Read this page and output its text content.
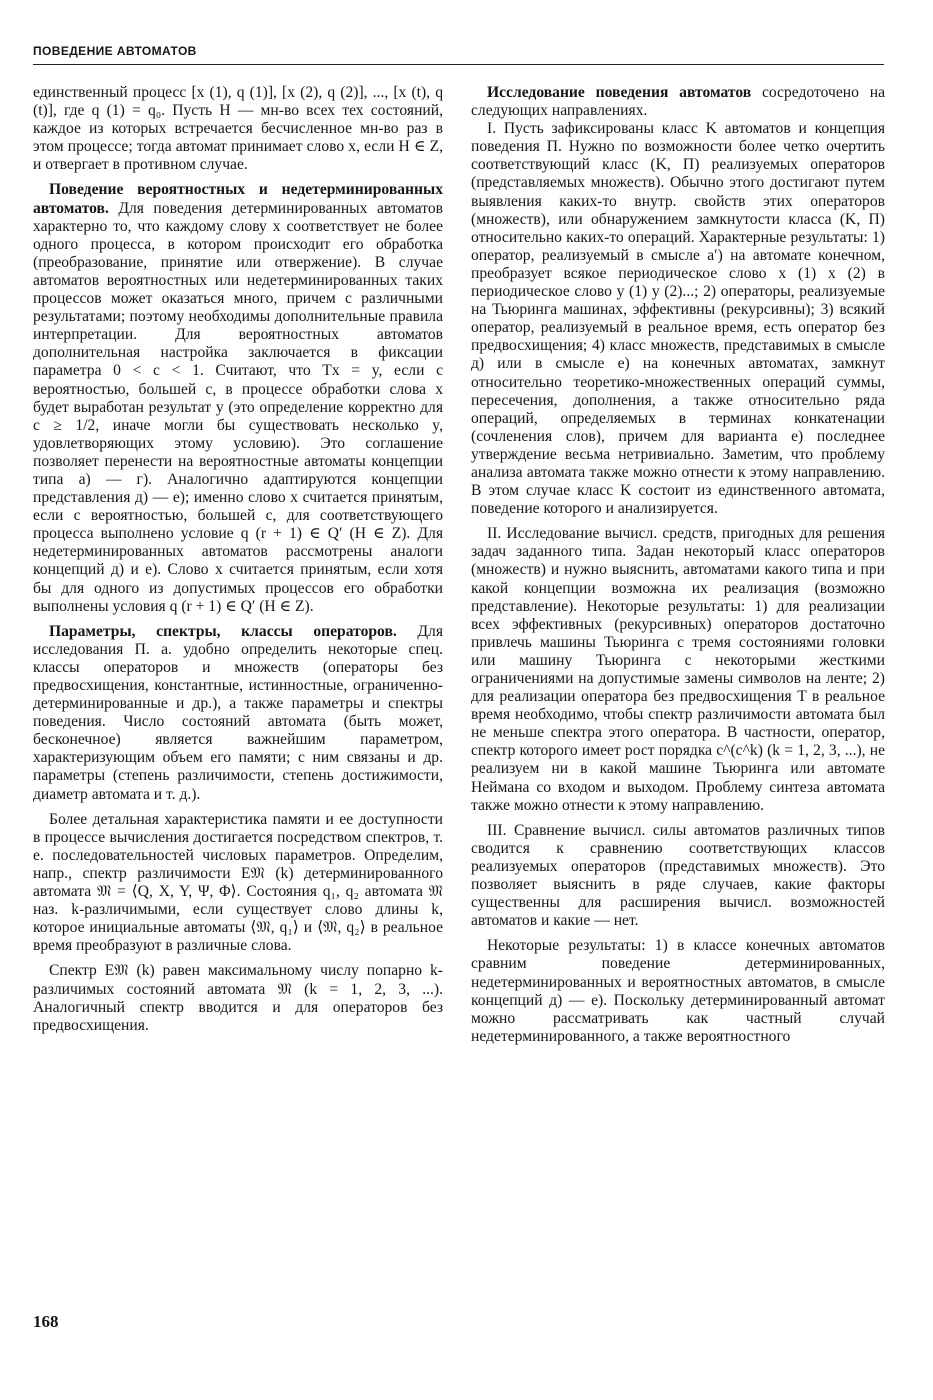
ПОВЕДЕНИЕ АВТОМАТОВ

единственный процесс [x (1), q (1)], [x (2), q (2)], ..., [x (t), q (t)], где q (1) = q₀. Пусть H — мн-во всех тех состояний, каждое из которых встречается бесчисленное мн-во раз в этом процессе; тогда автомат принимает слово x, если H ∈ Z, и отвергает в противном случае.

Поведение вероятностных и недетерминированных автоматов. Для поведения детерминированных автоматов характерно то, что каждому слову x соответствует не более одного процесса, в котором происходит его обработка (преобразование, принятие или отвержение). В случае автоматов вероятностных или недетерминированных таких процессов может оказаться много, причем с различными результатами; поэтому необходимы дополнительные правила интерпретации. Для вероятностных автоматов дополнительная настройка заключается в фиксации параметра 0 < c < 1. Считают, что Tx = y, если с вероятностью, большей c, в процессе обработки слова x будет выработан результат y (это определение корректно для c ≥ 1/2, иначе могли бы существовать несколько y, удовлетворяющих этому условию). Это соглашение позволяет перенести на вероятностные автоматы концепции типа а) — г). Аналогично адаптируются концепции представления д) — е); именно слово x считается принятым, если с вероятностью, большей c, для соответствующего процесса выполнено условие q (r + 1) ∈ Q′ (H ∈ Z). Для недетерминированных автоматов рассмотрены аналоги концепций д) и е). Слово x считается принятым, если хотя бы для одного из допустимых процессов его обработки выполнены условия q (r + 1) ∈ Q′ (H ∈ Z).

Параметры, спектры, классы операторов. Для исследования П. а. удобно определить некоторые спец. классы операторов и множеств (операторы без предвосхищения, константные, истинностные, ограниченно-детерминированные и др.), а также параметры и спектры поведения. Число состояний автомата (быть может, бесконечное) является важнейшим параметром, характеризующим объем его памяти; с ним связаны и др. параметры (степень различимости, степень достижимости, диаметр автомата и т. д.).

Более детальная характеристика памяти и ее доступности в процессе вычисления достигается посредством спектров, т. е. последовательностей числовых параметров. Определим, напр., спектр различимости E𝔐 (k) детерминированного автомата 𝔐 = ⟨Q, X, Y, Ψ, Φ⟩. Состояния q₁, q₂ автомата 𝔐 наз. k-различимыми, если существует слово длины k, которое инициальные автоматы ⟨𝔐, q₁⟩ и ⟨𝔐, q₂⟩ в реальное время преобразуют в различные слова.

Спектр E𝔐 (k) равен максимальному числу попарно k-различимых состояний автомата 𝔐 (k = 1, 2, 3, ...). Аналогичный спектр вводится и для операторов без предвосхищения.

Исследование поведения автоматов сосредоточено на следующих направлениях.

I. Пусть зафиксированы класс K автоматов и концепция поведения П. Нужно по возможности более четко очертить соответствующий класс (K, П) реализуемых операторов (представляемых множеств). Обычно этого достигают путем выявления каких-то внутр. свойств этих операторов (множеств), или обнаружением замкнутости класса (K, П) относительно каких-то операций. Характерные результаты: 1) оператор, реализуемый в смысле а′) на автомате конечном, преобразует всякое периодическое слово x (1) x (2) в периодическое слово y (1) y (2)...; 2) операторы, реализуемые на Тьюринга машинах, эффективны (рекурсивны); 3) всякий оператор, реализуемый в реальное время, есть оператор без предвосхищения; 4) класс множеств, представимых в смысле д) или в смысле е) на конечных автоматах, замкнут относительно теоретико-множественных операций суммы, пересечения, дополнения, а также относительно ряда операций, определяемых в терминах конкатенации (сочленения слов), причем для варианта е) последнее утверждение весьма нетривиально. Заметим, что проблему анализа автомата также можно отнести к этому направлению. В этом случае класс K состоит из единственного автомата, поведение которого и анализируется.

II. Исследование вычисл. средств, пригодных для решения задач заданного типа. Задан некоторый класс операторов (множеств) и нужно выяснить, автоматами какого типа и при какой концепции возможна их реализация (возможно представление). Некоторые результаты: 1) для реализации всех эффективных (рекурсивных) операторов достаточно привлечь машины Тьюринга с тремя состояниями головки или машину Тьюринга с некоторыми жесткими ограничениями на допустимые замены символов на ленте; 2) для реализации оператора без предвосхищения T в реальное время необходимо, чтобы спектр различимости автомата был не меньше спектра этого оператора. В частности, оператор, спектр которого имеет рост порядка c^(c^k) (k = 1, 2, 3, ...), не реализуем ни в какой машине Тьюринга или автомате Неймана со входом и выходом. Проблему синтеза автомата также можно отнести к этому направлению.

III. Сравнение вычисл. силы автоматов различных типов сводится к сравнению соответствующих классов реализуемых операторов (представимых множеств). Это позволяет выяснить в ряде случаев, какие факторы существенны для расширения вычисл. возможностей автоматов и какие — нет.

Некоторые результаты: 1) в классе конечных автоматов сравним поведение детерминированных, недетерминированных и вероятностных автоматов, в смысле концепций д) — е). Поскольку детерминированный автомат можно рассматривать как частный случай недетерминированного, а также вероятностного

168
